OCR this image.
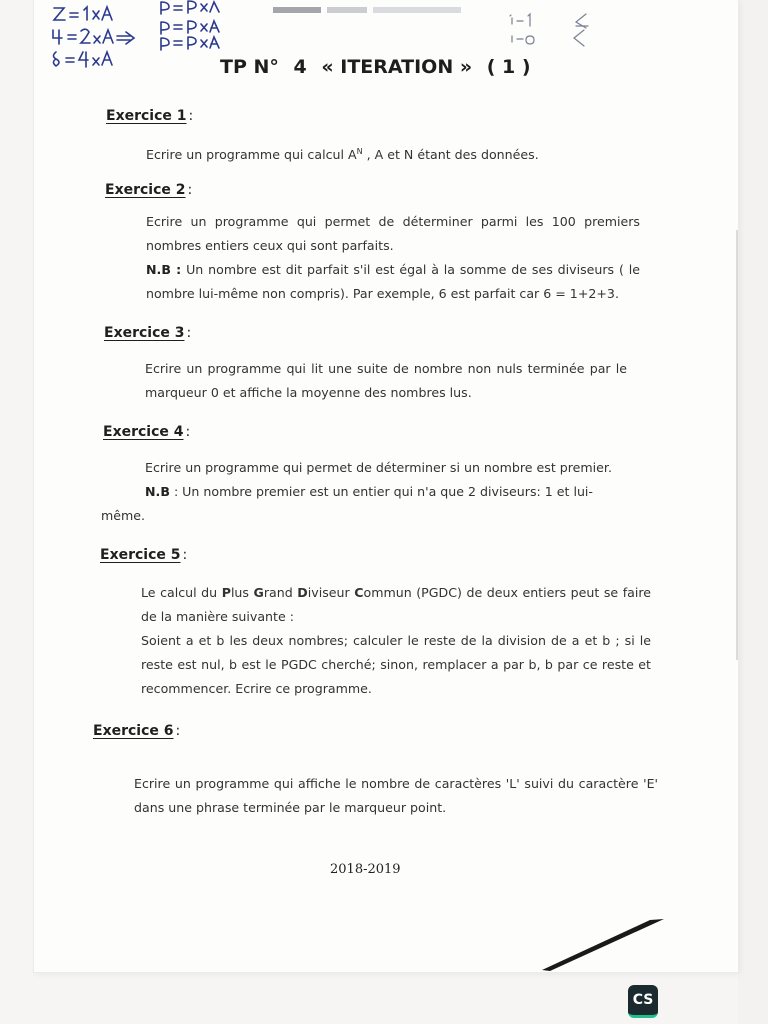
TP N° 4 « ITERATION » ( 1 )
Exercice 1 :

Ecrire un programme qui calcul $A^N$ , A et N étant des données.

Exercice 2 :

Ecrire un programme qui permet de déterminer parmi les 100 premiers nombres entiers ceux qui sont parfaits.

N.B : Un nombre est dit parfait s'il est égal à la somme de ses diviseurs ( le nombre lui-même non compris). Par exemple, 6 est parfait car 6 = 1+2+3.

Exercice 3 :

Ecrire un programme qui lit une suite de nombre non nuls terminée par le marqueur 0 et affiche la moyenne des nombres lus.

Exercice 4 :

Ecrire un programme qui permet de déterminer si un nombre est premier.

N.B : Un nombre premier est un entier qui n'a que 2 diviseurs: 1 et lui-

même.
Exercice 5 :

Le calcul du Plus Grand Diviseur Commun (PGDC) de deux entiers peut se faire de la manière suivante :

Soient a et b les deux nombres; calculer le reste de la division de a et b ; si le reste est nul, b est le PGDC cherché; sinon, remplacer a par b, b par ce reste et recommencer. Ecrire ce programme.

Exercice 6 :

Ecrire un programme qui affiche le nombre de caractères 'L' suivi du caractère 'E' dans une phrase terminée par le marqueur point.

2018-2019
CS
